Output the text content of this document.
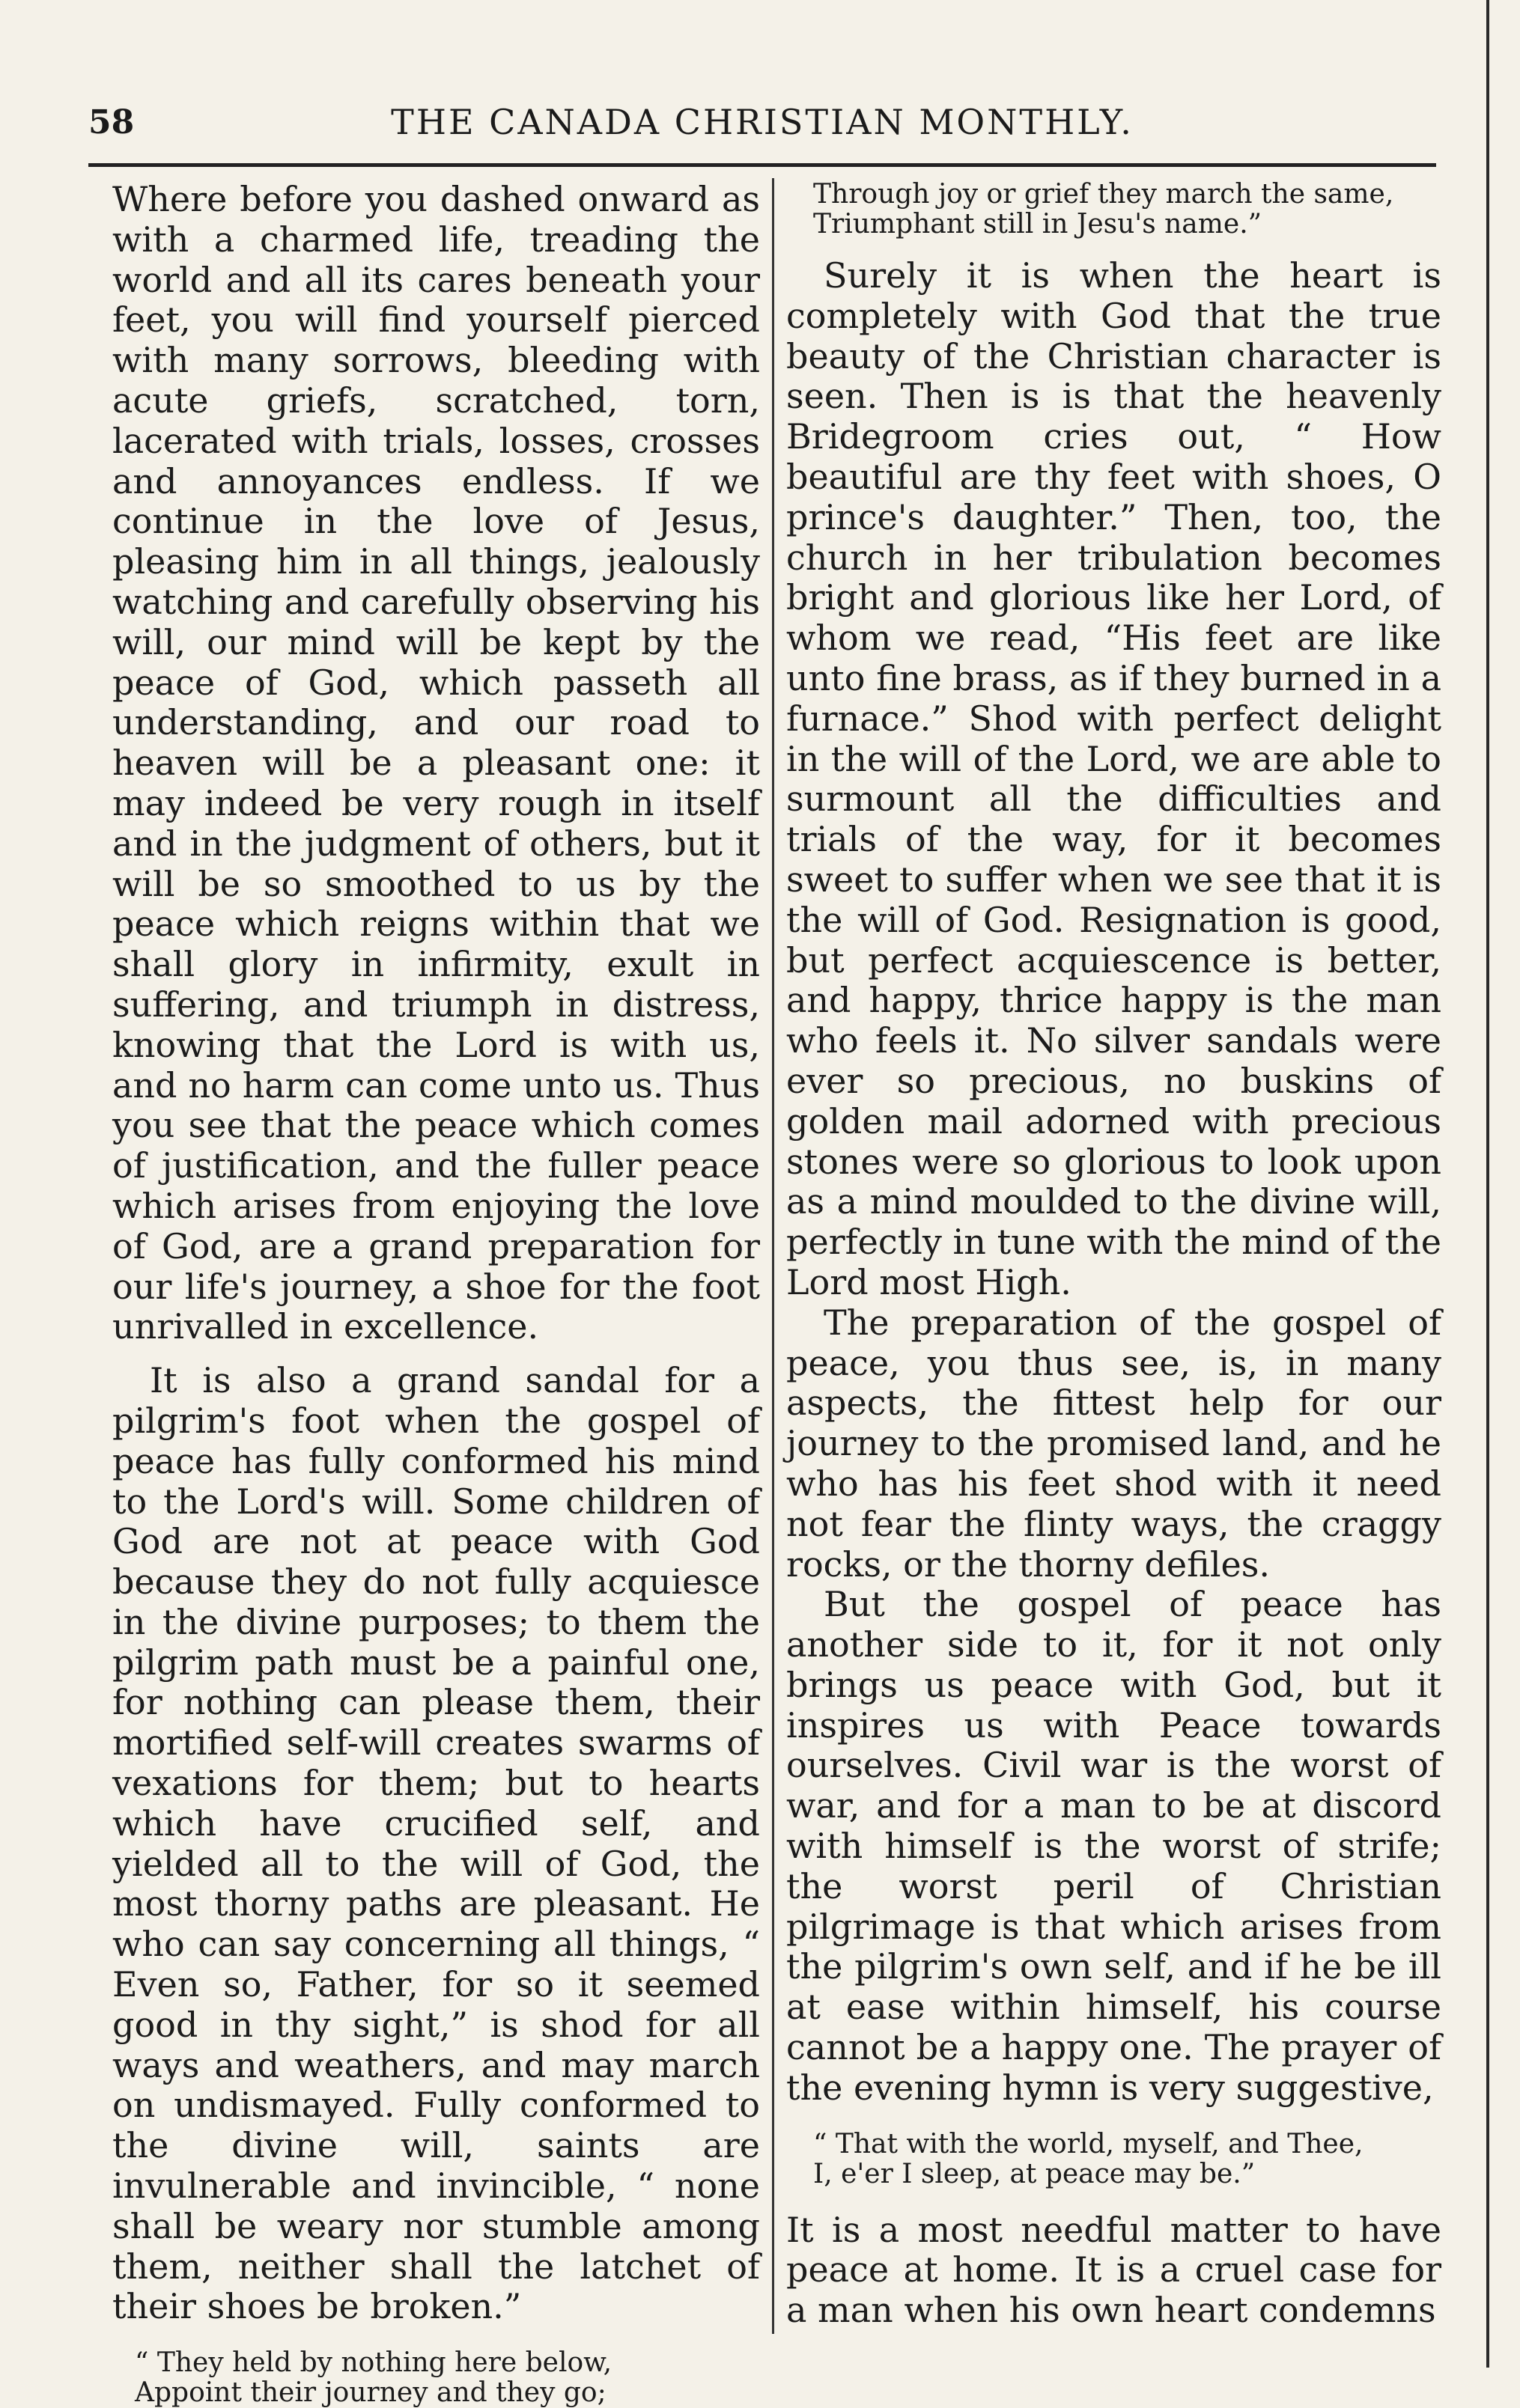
58	THE CANADA CHRISTIAN MONTHLY.

Where before you dashed onward as with a charmed life, treading the world and all its cares beneath your feet, you will find yourself pierced with many sorrows, bleeding with acute griefs, scratched, torn, lacerated with trials, losses, crosses and annoyances endless. If we continue in the love of Jesus, pleasing him in all things, jealously watching and carefully observing his will, our mind will be kept by the peace of God, which passeth all understanding, and our road to heaven will be a pleasant one: it may indeed be very rough in itself and in the judgment of others, but it will be so smoothed to us by the peace which reigns within that we shall glory in infirmity, exult in suffering, and triumph in distress, knowing that the Lord is with us, and no harm can come unto us. Thus you see that the peace which comes of justification, and the fuller peace which arises from enjoying the love of God, are a grand preparation for our life's journey, a shoe for the foot unrivalled in excellence.

It is also a grand sandal for a pilgrim's foot when the gospel of peace has fully conformed his mind to the Lord's will. Some children of God are not at peace with God because they do not fully acquiesce in the divine purposes; to them the pilgrim path must be a painful one, for nothing can please them, their mortified self-will creates swarms of vexations for them; but to hearts which have crucified self, and yielded all to the will of God, the most thorny paths are pleasant. He who can say concerning all things, “ Even so, Father, for so it seemed good in thy sight,” is shod for all ways and weathers, and may march on undismayed. Fully conformed to the divine will, saints are invulnerable and invincible, “ none shall be weary nor stumble among them, neither shall the latchet of their shoes be broken.”

“ They held by nothing here below,
Appoint their journey and they go;
Through joy or grief they march the same,
Triumphant still in Jesu's name.”

Surely it is when the heart is completely with God that the true beauty of the Christian character is seen. Then is is that the heavenly Bridegroom cries out, “ How beautiful are thy feet with shoes, O prince's daughter.” Then, too, the church in her tribulation becomes bright and glorious like her Lord, of whom we read, “His feet are like unto fine brass, as if they burned in a furnace.” Shod with perfect delight in the will of the Lord, we are able to surmount all the difficulties and trials of the way, for it becomes sweet to suffer when we see that it is the will of God. Resignation is good, but perfect acquiescence is better, and happy, thrice happy is the man who feels it. No silver sandals were ever so precious, no buskins of golden mail adorned with precious stones were so glorious to look upon as a mind moulded to the divine will, perfectly in tune with the mind of the Lord most High.

The preparation of the gospel of peace, you thus see, is, in many aspects, the fittest help for our journey to the promised land, and he who has his feet shod with it need not fear the flinty ways, the craggy rocks, or the thorny defiles.

But the gospel of peace has another side to it, for it not only brings us peace with God, but it inspires us with Peace towards ourselves. Civil war is the worst of war, and for a man to be at discord with himself is the worst of strife; the worst peril of Christian pilgrimage is that which arises from the pilgrim's own self, and if he be ill at ease within himself, his course cannot be a happy one. The prayer of the evening hymn is very suggestive,

“ That with the world, myself, and Thee,
I, e'er I sleep, at peace may be.”

It is a most needful matter to have peace at home. It is a cruel case for a man when his own heart condemns
